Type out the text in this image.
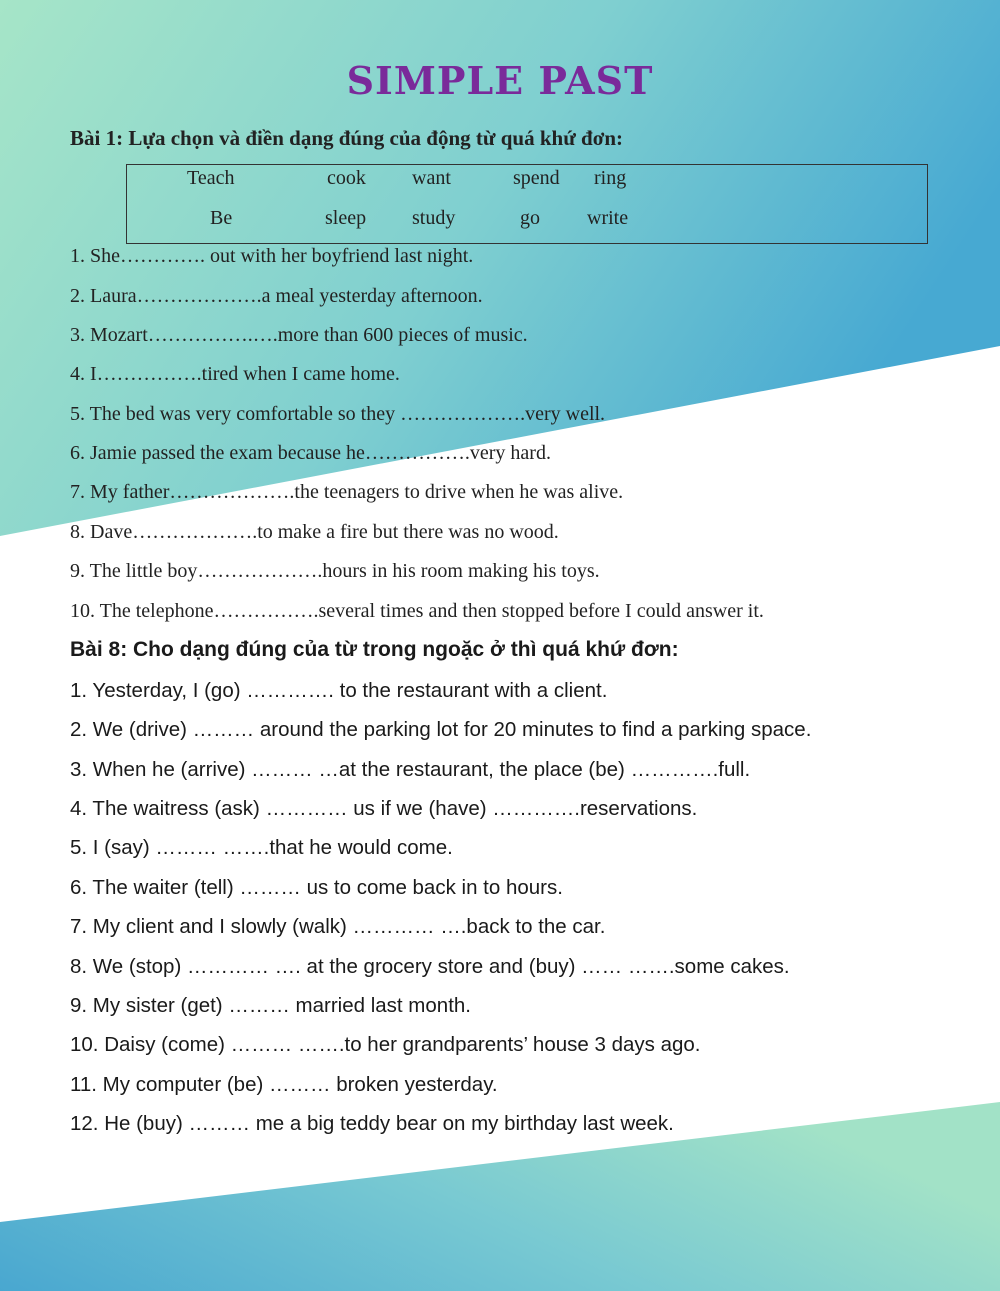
SIMPLE PAST

Bài 1: Lựa chọn và điền dạng đúng của động từ quá khứ đơn:

Teach	cook want	spend ring
Be	sleep study	go write

1. She…………. out with her boyfriend last night.

2. Laura……………….a meal yesterday afternoon.

3. Mozart…………….….more than 600 pieces of music.

4. I…………….tired when I came home.

5. The bed was very comfortable so they ……………….very well.

6. Jamie passed the exam because he…………….very hard.

7. My father……………….the teenagers to drive when he was alive.

8. Dave……………….to make a fire but there was no wood.

9. The little boy……………….hours in his room making his toys.

10. The telephone…………….several times and then stopped before I could answer it.

Bài 8: Cho dạng đúng của từ trong ngoặc ở thì quá khứ đơn:

1. Yesterday, I (go) …………. to the restaurant with a client.

2. We (drive) ……… around the parking lot for 20 minutes to find a parking space.

3. When he (arrive) ……… …at the restaurant, the place (be) ………….full.

4. The waitress (ask) ………… us if we (have) ………….reservations.

5. I (say) ……… …….that he would come.

6. The waiter (tell) ……… us to come back in to hours.

7. My client and I slowly (walk) ………… ….back to the car.

8. We (stop) ………… …. at the grocery store and (buy) …… …….some cakes.

9. My sister (get) ……… married last month.

10. Daisy (come) ……… …….to her grandparents’ house 3 days ago.

11. My computer (be) ……… broken yesterday.

12. He (buy) ……… me a big teddy bear on my birthday last week.
